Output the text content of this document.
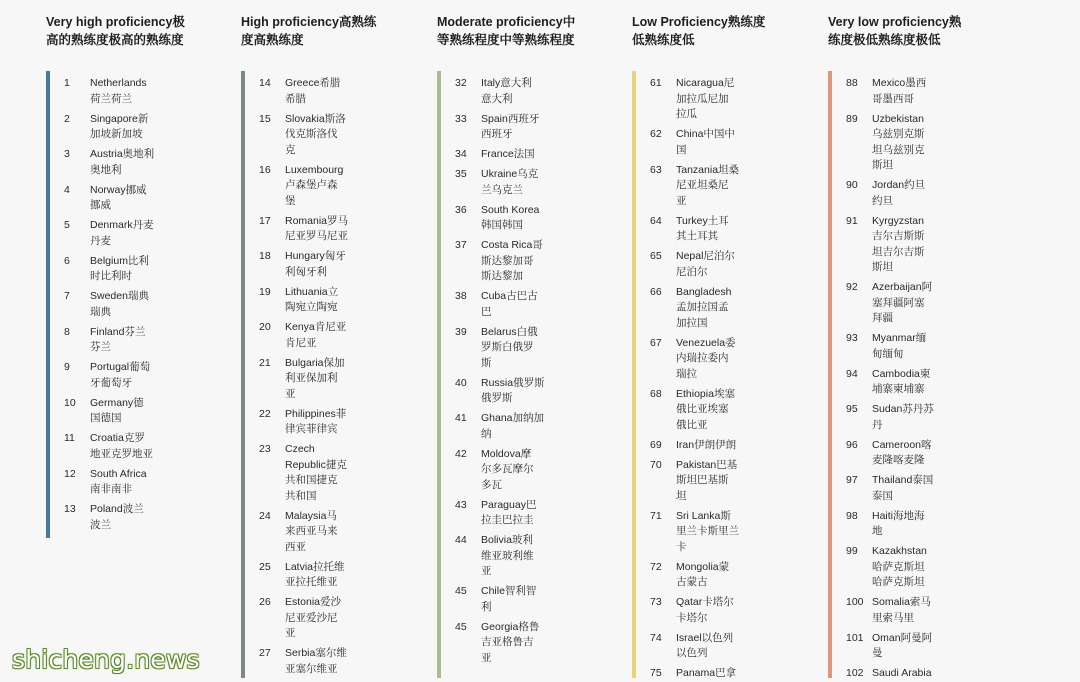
Very high proficiency极
高的熟练度极高的熟练度
1	Netherlands
荷兰荷兰
2	Singapore新
加坡新加坡
3	Austria奥地利
奥地利
4	Norway挪威
挪威
5	Denmark丹麦
丹麦
6	Belgium比利
时比利时
7	Sweden瑞典
瑞典
8	Finland芬兰
芬兰
9	Portugal葡萄
牙葡萄牙
10	Germany德
国德国
11	Croatia克罗
地亚克罗地亚
12	South Africa
南非南非
13	Poland波兰
波兰
High proficiency高熟练
度高熟练度
14	Greece希腊
希腊
15	Slovakia斯洛
伐克斯洛伐
克
16	Luxembourg
卢森堡卢森
堡
17	Romania罗马
尼亚罗马尼亚
18	Hungary匈牙
利匈牙利
19	Lithuania立
陶宛立陶宛
20	Kenya肯尼亚
肯尼亚
21	Bulgaria保加
利亚保加利
亚
22	Philippines菲
律宾菲律宾
23	Czech
Republic捷克
共和国捷克
共和国
24	Malaysia马
来西亚马来
西亚
25	Latvia拉托维
亚拉托维亚
26	Estonia爱沙
尼亚爱沙尼
亚
27	Serbia塞尔维
亚塞尔维亚
Moderate proficiency中
等熟练程度中等熟练程度
32	Italy意大利
意大利
33	Spain西班牙
西班牙
34	France法国
35	Ukraine乌克
兰乌克兰
36	South Korea
韩国韩国
37	Costa Rica哥
斯达黎加哥
斯达黎加
38	Cuba古巴古
巴
39	Belarus白俄
罗斯白俄罗
斯
40	Russia俄罗斯
俄罗斯
41	Ghana加纳加
纳
42	Moldova摩
尔多瓦摩尔
多瓦
43	Paraguay巴
拉圭巴拉圭
44	Bolivia玻利
维亚玻利维
亚
45	Chile智利智
利
45	Georgia格鲁
吉亚格鲁吉
亚
Low Proficiency熟练度
低熟练度低
61	Nicaragua尼
加拉瓜尼加
拉瓜
62	China中国中
国
63	Tanzania坦桑
尼亚坦桑尼
亚
64	Turkey土耳
其土耳其
65	Nepal尼泊尔
尼泊尔
66	Bangladesh
孟加拉国孟
加拉国
67	Venezuela委
内瑞拉委内
瑞拉
68	Ethiopia埃塞
俄比亚埃塞
俄比亚
69	Iran伊朗伊朗
70	Pakistan巴基
斯坦巴基斯
坦
71	Sri Lanka斯
里兰卡斯里兰
卡
72	Mongolia蒙
古蒙古
73	Qatar卡塔尔
卡塔尔
74	Israel以色列
以色列
75	Panama巴拿
Very low proficiency熟
练度极低熟练度极低
88	Mexico墨西
哥墨西哥
89	Uzbekistan
乌兹别克斯
坦乌兹别克
斯坦
90	Jordan约旦
约旦
91	Kyrgyzstan
吉尔吉斯斯
坦吉尔吉斯
斯坦
92	Azerbaijan阿
塞拜疆阿塞
拜疆
93	Myanmar缅
甸缅甸
94	Cambodia柬
埔寨柬埔寨
95	Sudan苏丹苏
丹
96	Cameroon喀
麦隆喀麦隆
97	Thailand泰国
泰国
98	Haiti海地海
地
99	Kazakhstan
哈萨克斯坦
哈萨克斯坦
100 Somalia索马
里索马里
101 Oman阿曼阿
曼
102 Saudi Arabia
shicheng.news
